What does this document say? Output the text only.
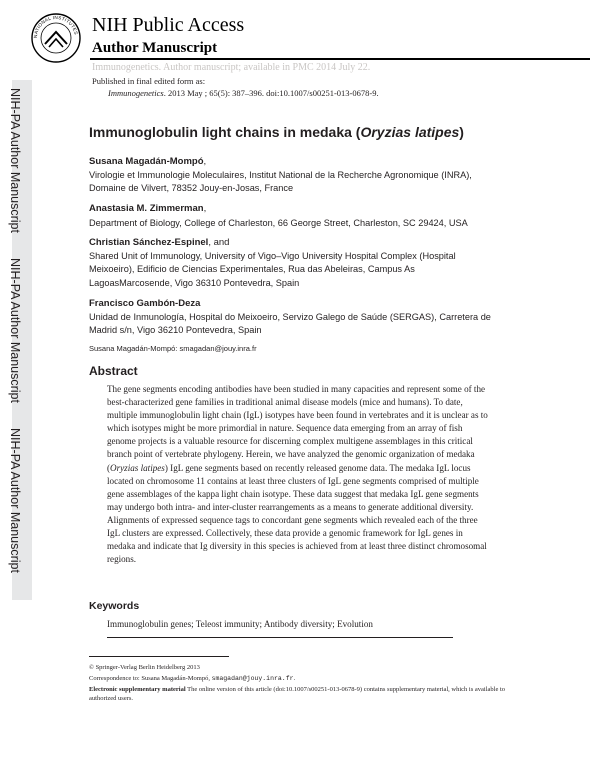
NATIONAL INSTITUTES NIH Public Access
Author Manuscript
Immunogenetics. Author manuscript; available in PMC 2014 July 22.
Published in final edited form as:
Immunogenetics. 2013 May ; 65(5): 387–396. doi:10.1007/s00251-013-0678-9.
NIH-PA Author Manuscript
NIH-PA Author Manuscript
NIH-PA Author Manuscript
Immunoglobulin light chains in medaka (Oryzias latipes)
Susana Magadán-Mompó,
Virologie et Immunologie Moleculaires, Institut National de la Recherche Agronomique (INRA), Domaine de Vilvert, 78352 Jouy-en-Josas, France
Anastasia M. Zimmerman,
Department of Biology, College of Charleston, 66 George Street, Charleston, SC 29424, USA
Christian Sánchez-Espinel, and
Shared Unit of Immunology, University of Vigo–Vigo University Hospital Complex (Hospital Meixoeiro), Edificio de Ciencias Experimentales, Rua das Abeleiras, Campus As LagoasMarcosende, Vigo 36310 Pontevedra, Spain
Francisco Gambón-Deza
Unidad de Inmunología, Hospital do Meixoeiro, Servizo Galego de Saúde (SERGAS), Carretera de Madrid s/n, Vigo 36210 Pontevedra, Spain
Susana Magadán-Mompó: smagadan@jouy.inra.fr
Abstract

The gene segments encoding antibodies have been studied in many capacities and represent some of the best-characterized gene families in traditional animal disease models (mice and humans). To date, multiple immunoglobulin light chain (IgL) isotypes have been found in vertebrates and it is unclear as to which isotypes might be more primordial in nature. Sequence data emerging from an array of fish genome projects is a valuable resource for discerning complex multigene assemblages in this critical branch point of vertebrate phylogeny. Herein, we have analyzed the genomic organization of medaka (Oryzias latipes) IgL gene segments based on recently released genome data. The medaka IgL locus located on chromosome 11 contains at least three clusters of IgL gene segments comprised of multiple gene assemblages of the kappa light chain isotype. These data suggest that medaka IgL gene segments may undergo both intra- and inter-cluster rearrangements as a means to generate additional diversity. Alignments of expressed sequence tags to concordant gene segments which revealed each of the three IgL clusters are expressed. Collectively, these data provide a genomic framework for IgL genes in medaka and indicate that Ig diversity in this species is achieved from at least three distinct chromosomal regions.

Keywords
Immunoglobulin genes; Teleost immunity; Antibody diversity; Evolution
© Springer-Verlag Berlin Heidelberg 2013
Correspondence to: Susana Magadán-Mompó, smagadan@jouy.inra.fr.
Electronic supplementary material The online version of this article (doi:10.1007/s00251-013-0678-9) contains supplementary material, which is available to authorized users.
